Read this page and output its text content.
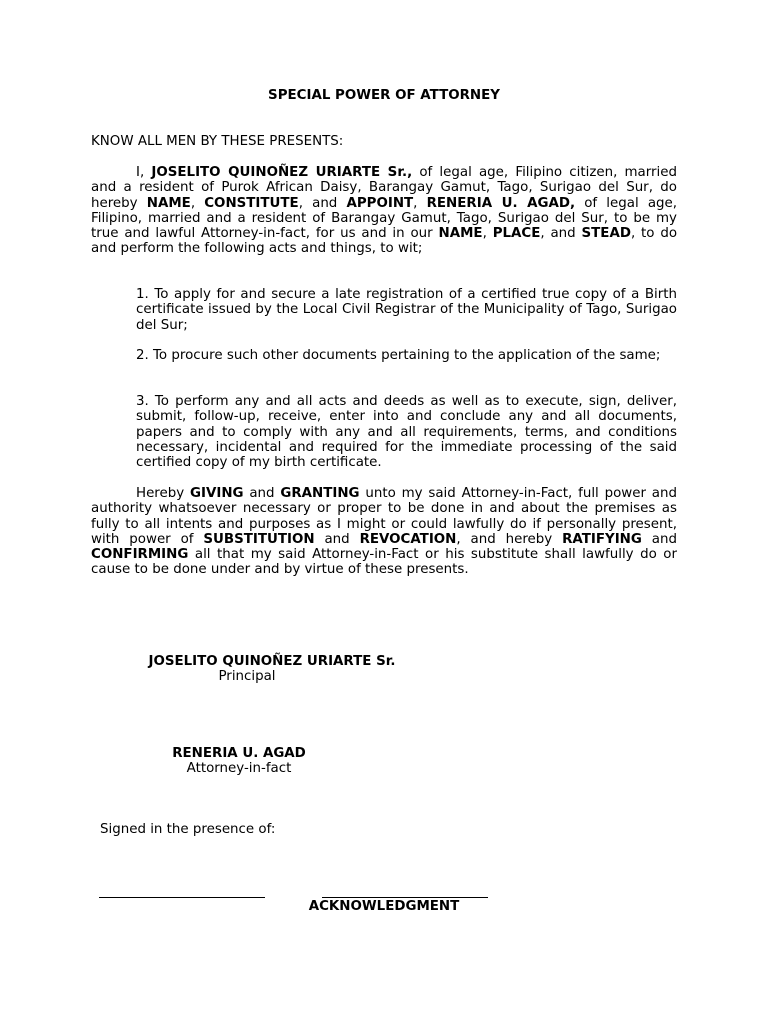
SPECIAL POWER OF ATTORNEY

KNOW ALL MEN BY THESE PRESENTS:

I, JOSELITO QUINOÑEZ URIARTE Sr., of legal age, Filipino citizen, married and a resident of Purok African Daisy, Barangay Gamut, Tago, Surigao del Sur, do hereby NAME, CONSTITUTE, and APPOINT, RENERIA U. AGAD, of legal age, Filipino, married and a resident of Barangay Gamut, Tago, Surigao del Sur, to be my true and lawful Attorney-in-fact, for us and in our NAME, PLACE, and STEAD, to do and perform the following acts and things, to wit;

1. To apply for and secure a late registration of a certified true copy of a Birth certificate issued by the Local Civil Registrar of the Municipality of Tago, Surigao del Sur;

2. To procure such other documents pertaining to the application of the same;

3. To perform any and all acts and deeds as well as to execute, sign, deliver, submit, follow-up, receive, enter into and conclude any and all documents, papers and to comply with any and all requirements, terms, and conditions necessary, incidental and required for the immediate processing of the said certified copy of my birth certificate.

Hereby GIVING and GRANTING unto my said Attorney-in-Fact, full power and authority whatsoever necessary or proper to be done in and about the premises as fully to all intents and purposes as I might or could lawfully do if personally present, with power of SUBSTITUTION and REVOCATION, and hereby RATIFYING and CONFIRMING all that my said Attorney-in-Fact or his substitute shall lawfully do or cause to be done under and by virtue of these presents.

JOSELITO QUINOÑEZ URIARTE Sr.
Principal
RENERIA U. AGAD
Attorney-in-fact
Signed in the presence of:
ACKNOWLEDGMENT
